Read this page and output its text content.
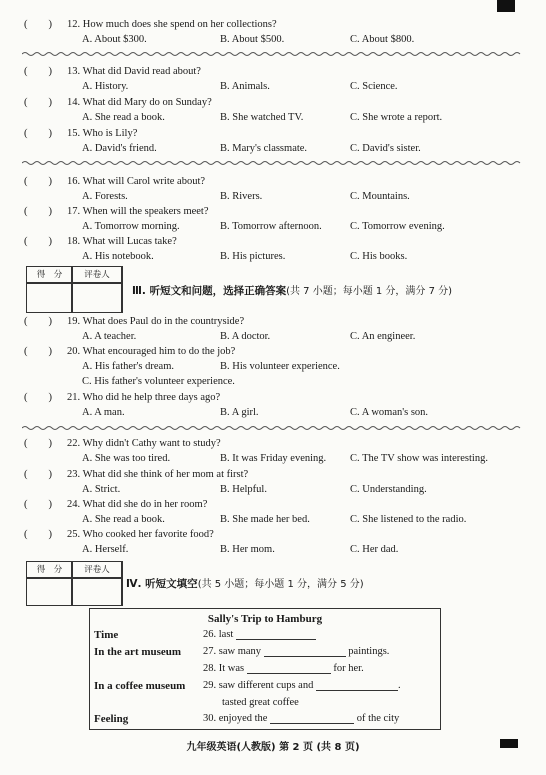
(        ) 12. How much does she spend on her collections?
A. About $300.	B. About $500.	C. About $800.
(        ) 13. What did David read about?
A. History.	B. Animals.	C. Science.
(        ) 14. What did Mary do on Sunday?
A. She read a book.	B. She watched TV.	C. She wrote a report.
(        ) 15. Who is Lily?
A. David's friend.	B. Mary's classmate.	C. David's sister.
(        ) 16. What will Carol write about?
A. Forests.	B. Rivers.	C. Mountains.
(        ) 17. When will the speakers meet?
A. Tomorrow morning.	B. Tomorrow afternoon.	C. Tomorrow evening.
(        ) 18. What will Lucas take?
A. His notebook.	B. His pictures.	C. His books.
得　分	评卷人
Ⅲ. 听短文和问题，选择正确答案(共 7 小题；每小题 1 分，满分 7 分)
(        ) 19. What does Paul do in the countryside?
A. A teacher.	B. A doctor.	C. An engineer.
(        ) 20. What encouraged him to do the job?
A. His father's dream.	B. His volunteer experience.
C. His father's volunteer experience.
(        ) 21. Who did he help three days ago?
A. A man.	B. A girl.	C. A woman's son.
(        ) 22. Why didn't Cathy want to study?
A. She was too tired.	B. It was Friday evening. C. The TV show was interesting.
(        ) 23. What did she think of her mom at first?
A. Strict.	B. Helpful.	C. Understanding.
(        ) 24. What did she do in her room?
A. She read a book.	B. She made her bed.	C. She listened to the radio.
(        ) 25. Who cooked her favorite food?
A. Herself.	B. Her mom.	C. Her dad.
得　分	评卷人
Ⅳ. 听短文填空(共 5 小题；每小题 1 分，满分 5 分)
Sally's Trip to Hamburg
Time	26. last
In the art museum 27. saw many	paintings.
28. It was	for her.
In a coffee museum 29. saw different cups and	.
tasted great coffee
Feeling	30. enjoyed the	of the city
九年级英语(人教版) 第 2 页 (共 8 页)
